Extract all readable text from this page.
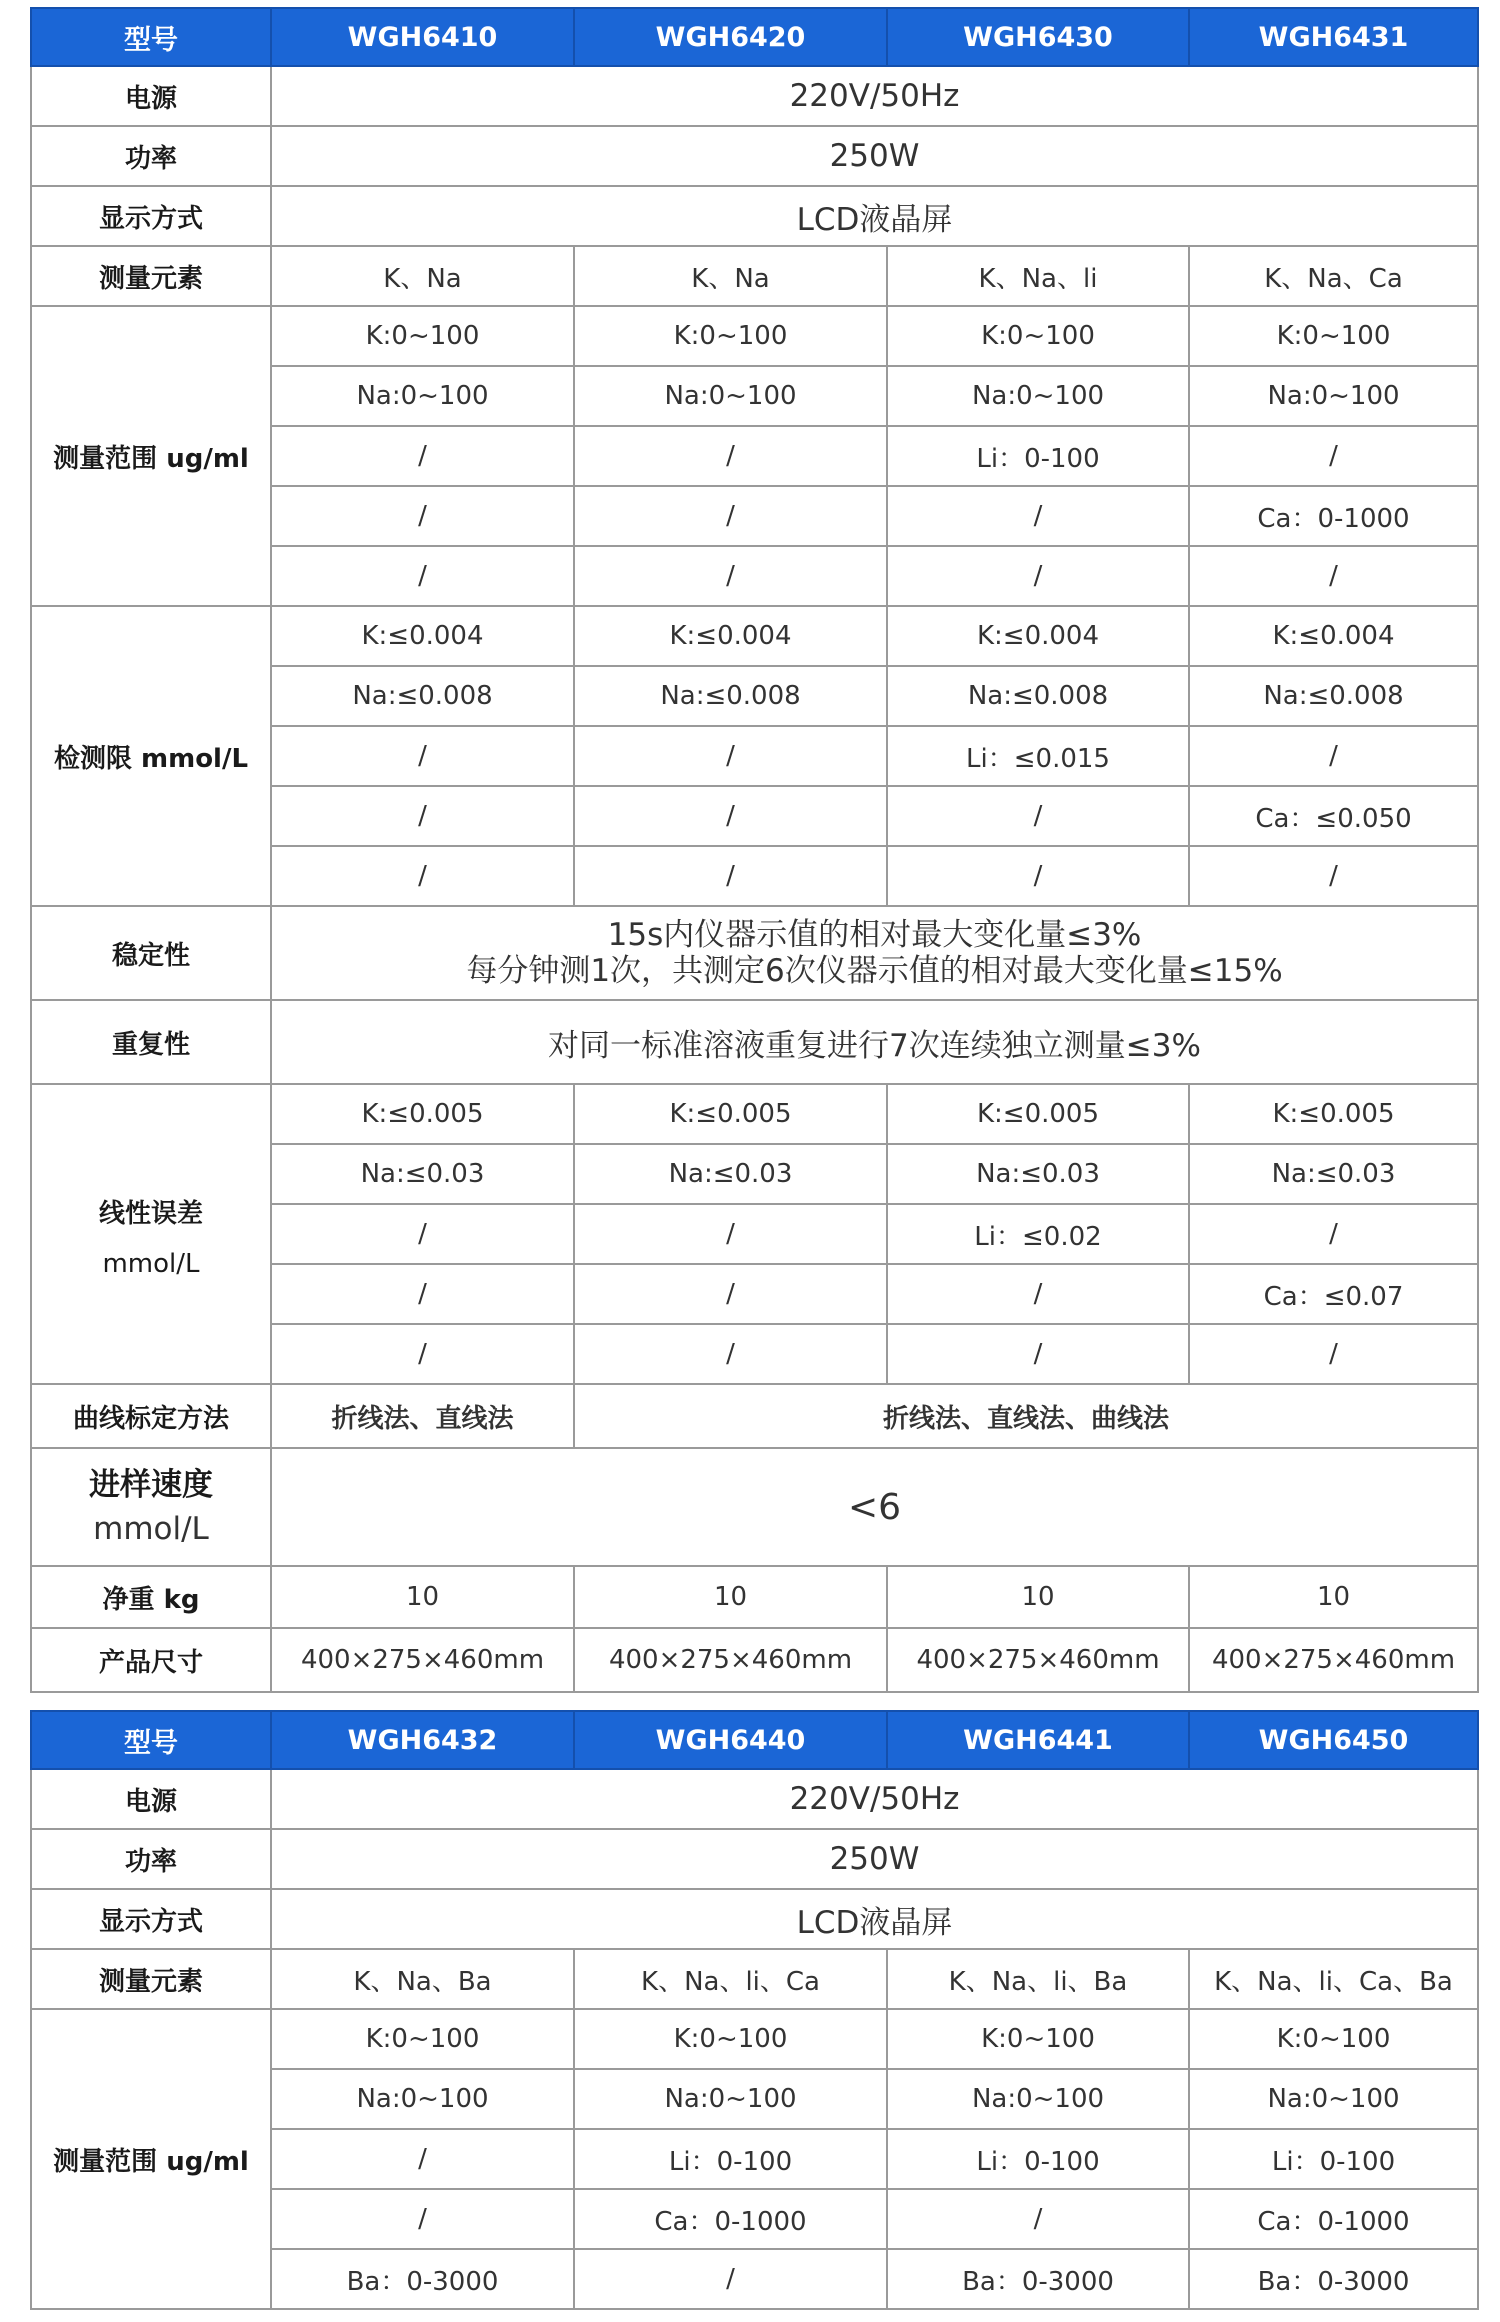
型号	WGH6410	WGH6420	WGH6430	WGH6431
电源	220V/50Hz			
功率	250W			
显示方式	LCD液晶屏			
测量元素	K、Na	K、Na	K、Na、li	K、Na、Ca
测量范围 ug/ml	K:0~100	K:0~100	K:0~100	K:0~100
	Na:0~100	Na:0~100	Na:0~100	Na:0~100
	/	/	Li：0-100	/
	/	/	/	Ca：0-1000
	/	/	/	/
检测限 mmol/L	K:≤0.004	K:≤0.004	K:≤0.004	K:≤0.004
	Na:≤0.008	Na:≤0.008	Na:≤0.008	Na:≤0.008
	/	/	Li：≤0.015	/
	/	/	/	Ca：≤0.050
	/	/	/	/
稳定性	15s内仪器示值的相对最大变化量≤3%
每分钟测1次，共测定6次仪器示值的相对最大变化量≤15%			

重复性	对同一标准溶液重复进行7次连续独立测量≤3%			

线性误差
mmol/L	K:≤0.005	K:≤0.005	K:≤0.005	K:≤0.005
	Na:≤0.03	Na:≤0.03	Na:≤0.03	Na:≤0.03
	/	/	Li：≤0.02	/
	/	/	/	Ca：≤0.07
	/	/	/	/
曲线标定方法	折线法、直线法	折线法、直线法、曲线法		

进样速度
mmol/L	<6			
净重 kg	10	10	10	10
产品尺寸	400×275×460mm	400×275×460mm	400×275×460mm	400×275×460mm
型号	WGH6432	WGH6440	WGH6441	WGH6450
电源	220V/50Hz			
功率	250W			
显示方式	LCD液晶屏			
测量元素	K、Na、Ba	K、Na、li、Ca	K、Na、li、Ba	K、Na、li、Ca、Ba
测量范围 ug/ml	K:0~100	K:0~100	K:0~100	K:0~100
	Na:0~100	Na:0~100	Na:0~100	Na:0~100
	/	Li：0-100	Li：0-100	Li：0-100
	/	Ca：0-1000	/	Ca：0-1000
	Ba：0-3000	/	Ba：0-3000	Ba：0-3000
